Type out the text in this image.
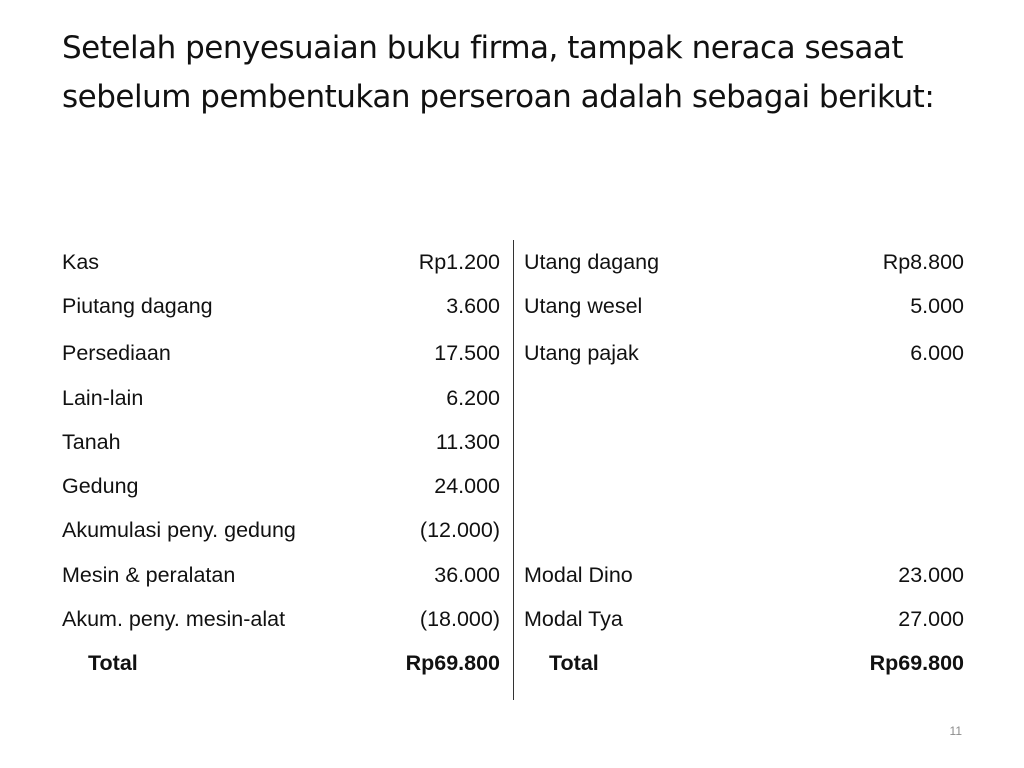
Setelah penyesuaian buku firma, tampak neraca sesaat sebelum pembentukan perseroan adalah sebagai berikut:
Kas	Rp1.200 Utang dagang	Rp8.800
Piutang dagang	3.600 Utang wesel	5.000
Persediaan	17.500 Utang pajak	6.000
Lain-lain	6.200
Tanah	11.300
Gedung	24.000
Akumulasi peny. gedung	(12.000)
Mesin & peralatan	36.000 Modal Dino	23.000
Akum. peny. mesin-alat	(18.000) Modal Tya	27.000
Total	Rp69.800 Total	Rp69.800
11
